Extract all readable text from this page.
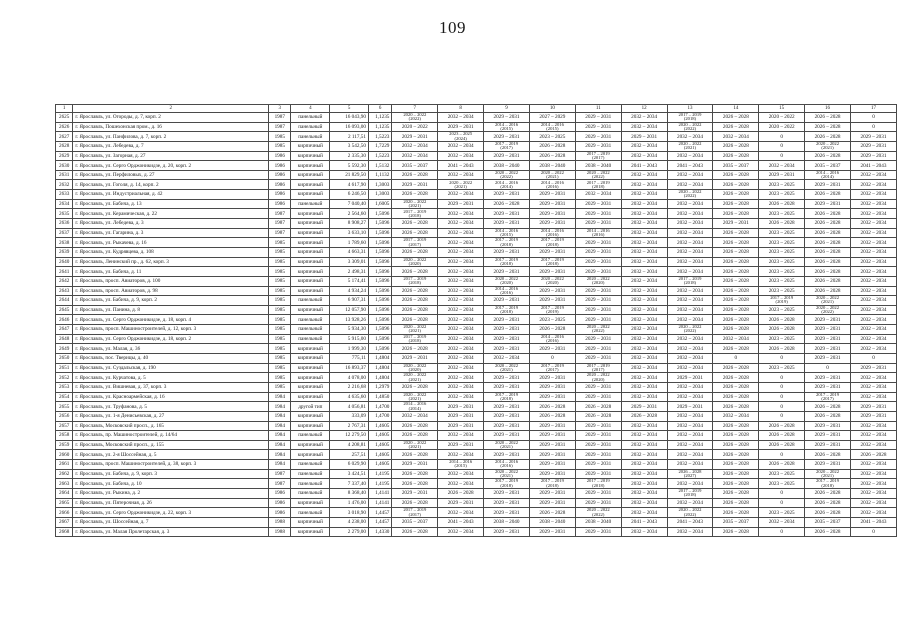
109
1	2	3	4	5	6	7	8	9	10	11	12	13	14	15	16	17
2625	г. Ярославль, ул. Огороды, д. 7, корп. 2	1987	панельный	16 043,90	1,1235	2020 – 2022
(2022)	2032 – 2034	2029 – 2031	2027 – 2029	2029 – 2031	2032 – 2034	2017 – 2019
(2018)	2026 – 2028	2020 – 2022	2026 – 2028	0
2626	г. Ярославль, Пошехонская пром., д. 16	1987	панельный	16 093,00	1,1235	2020 – 2022	2029 – 2031	2014 – 2016
(2015)	2014 – 2016
(2015)	2029 – 2031	2032 – 2034	2020 – 2022
(2022)	2026 – 2028	2020 – 2022	2026 – 2028	0
2627	г. Ярославль, ул. Панфилова, д. 7, корп. 2	1985	панельный	2 117,51	1,5223	2029 – 2031	2023 – 2025
(2024)	2029 – 2031	2023 – 2025	2029 – 2031	2029 – 2031	2032 – 2034	2032 – 2034	0	2026 – 2028	2029 – 2031
2628	г. Ярославль, ул. Лебедева, д. 7	1985	кирпичный	3 542,50	1,7229	2032 – 2034	2032 – 2034	2017 – 2019
(2017)	2026 – 2028	2029 – 2031	2032 – 2034	2020 – 2022
(2021)	2026 – 2028	0	2020 – 2022
(2021)	2029 – 2031
2629	г. Ярославль, ул. Загорная, д. 27	1986	кирпичный	2 335,30	1,5223	2032 – 2034	2032 – 2034	2029 – 2031	2026 – 2028	2017 – 2019
(2017)	2032 – 2034	2032 – 2034	2026 – 2028	0	2026 – 2028	2029 – 2031
2630	г. Ярославль, ул. Серго Орджоникидзе, д. 20, корп. 2	1986	кирпичный	5 592,30	1,5132	2035 – 2037	2041 – 2043	2038 – 2040	2038 – 2040	2038 – 2040	2041 – 2043	2041 – 2043	2035 – 2037	2032 – 2034	2035 – 2037	2041 – 2043
2631	г. Ярославль, ул. Перфиловых, д. 27	1986	кирпичный	21 829,50	1,1132	2026 – 2028	2032 – 2034	2020 – 2022
(2022)	2020 – 2022
(2021)	2020 – 2022
(2022)	2032 – 2034	2032 – 2034	2026 – 2028	2029 – 2031	2014 – 2016
(2014)	2032 – 2034
2632	г. Ярославль, ул. Гоголя, д. 14, корп. 2	1986	кирпичный	4 617,90	1,3003	2029 – 2031	2020 – 2022
(2021)	2014 – 2016
(2014)	2014 – 2016
(2016)	2017 – 2019
(2018)	2032 – 2034	2032 – 2034	2026 – 2028	2023 – 2025	2029 – 2031	2032 – 2034
2633	г. Ярославль, ул. Индустриальная, д. 42	1986	кирпичный	6 246,50	1,3003	2026 – 2028	2032 – 2034	2029 – 2031	2029 – 2031	2032 – 2034	2032 – 2034	2020 – 2022
(2022)	2026 – 2028	2023 – 2025	2026 – 2028	2032 – 2034
2634	г. Ярославль, ул. Бабича, д. 13	1986	панельный	7 040,40	1,6005	2020 – 2022
(2021)	2029 – 2031	2026 – 2028	2029 – 2031	2029 – 2031	2032 – 2034	2032 – 2034	2026 – 2028	2026 – 2028	2029 – 2031	2032 – 2034
2635	г. Ярославль, ул. Керамическая, д. 22	1987	кирпичный	2 564,60	1,5096	2017 – 2019
(2018)	2032 – 2034	2029 – 2031	2029 – 2031	2029 – 2031	2032 – 2034	2032 – 2034	2026 – 2028	2023 – 2025	2026 – 2028	2032 – 2034
2636	г. Ярославль, ул. Лебедева, д. 3	1987	кирпичный	8 908,27	1,5096	2026 – 2028	2032 – 2034	2029 – 2031	2029 – 2031	2029 – 2031	2032 – 2034	2032 – 2034	2029 – 2031	2026 – 2028	2026 – 2028	2032 – 2034
2637	г. Ярославль, ул. Гагарина, д. 3	1987	кирпичный	3 633,10	1,5096	2026 – 2028	2032 – 2034	2014 – 2016
(2015)	2014 – 2016
(2016)	2014 – 2016
(2016)	2032 – 2034	2032 – 2034	2026 – 2028	2023 – 2025	2026 – 2028	2032 – 2034
2638	г. Ярославль, ул. Рыкачева, д. 16	1985	кирпичный	1 789,60	1,5096	2017 – 2019
(2017)	2032 – 2034	2017 – 2019
(2018)	2017 – 2019
(2018)	2029 – 2031	2032 – 2034	2032 – 2034	2026 – 2028	2023 – 2025	2026 – 2028	2032 – 2034
2639	г. Ярославль, ул. Кудрявцева, д. 108	1985	кирпичный	4 663,31	1,5096	2026 – 2028	2032 – 2034	2029 – 2031	2029 – 2031	2029 – 2031	2032 – 2034	2032 – 2034	2026 – 2028	2023 – 2025	2026 – 2028	2032 – 2034
2640	г. Ярославль, Ленинский пр., д. 62, корп. 3	1985	кирпичный	3 309,01	1,5096	2020 – 2022
(2020)	2032 – 2034	2017 – 2019
(2018)	2017 – 2019
(2018)	2029 – 2031	2032 – 2034	2032 – 2034	2026 – 2028	2023 – 2025	2026 – 2028	2032 – 2034
2641	г. Ярославль, ул. Бабича, д. 11	1985	кирпичный	2 498,31	1,5096	2026 – 2028	2032 – 2034	2029 – 2031	2029 – 2031	2029 – 2031	2032 – 2034	2032 – 2034	2026 – 2028	2023 – 2025	2026 – 2028	2032 – 2034
2642	г. Ярославль, просп. Авиаторов, д. 100	1985	кирпичный	5 174,41	1,5096	2017 – 2019
(2018)	2032 – 2034	2020 – 2022
(2020)	2020 – 2022
(2020)	2020 – 2022
(2020)	2032 – 2034	2017 – 2019
(2018)	2026 – 2028	2023 – 2025	2026 – 2028	2032 – 2034
2643	г. Ярославль, просп. Авиаторов, д. 98	1985	кирпичный	4 934,24	1,5096	2026 – 2028	2032 – 2034	2014 – 2016
(2016)	2029 – 2031	2029 – 2031	2032 – 2034	2032 – 2034	2026 – 2028	2023 – 2025	2026 – 2028	2032 – 2034
2644	г. Ярославль, ул. Бабича, д. 9, корп. 2	1985	панельный	6 907,31	1,5096	2026 – 2028	2032 – 2034	2029 – 2031	2029 – 2031	2029 – 2031	2032 – 2034	2032 – 2034	2026 – 2028	2017 – 2019
(2019)	2020 – 2022
(2021)	2032 – 2034
2645	г. Ярославль, ул. Панина, д. 8	1985	кирпичный	12 057,90	1,5096	2026 – 2028	2032 – 2034	2017 – 2019
(2018)	2017 – 2019
(2019)	2029 – 2031	2032 – 2034	2032 – 2034	2026 – 2028	2023 – 2025	2020 – 2022
(2022)	2032 – 2034
2646	г. Ярославль, ул. Серго Орджоникидзе, д. 18, корп. 4	1985	панельный	13 928,26	1,5096	2026 – 2028	2032 – 2034	2029 – 2031	2023 – 2025	2029 – 2031	2032 – 2034	2032 – 2034	2026 – 2028	2026 – 2028	2029 – 2031	2032 – 2034
2647	г. Ярославль, просп. Машиностроителей, д. 12, корп. 3	1985	панельный	5 934,30	1,5096	2020 – 2022
(2021)	2032 – 2034	2029 – 2031	2026 – 2028	2020 – 2022
(2022)	2032 – 2034	2020 – 2022
(2022)	2026 – 2028	2026 – 2028	2029 – 2031	2032 – 2034
2648	г. Ярославль, ул. Серго Орджоникидзе, д. 18, корп. 2	1985	панельный	5 915,00	1,5096	2017 – 2019
(2018)	2032 – 2034	2029 – 2031	2014 – 2016
(2016)	2029 – 2031	2032 – 2034	2032 – 2034	2032 – 2034	2023 – 2025	2029 – 2031	2032 – 2034
2649	г. Ярославль, ул. Малая, д. 36	1985	кирпичный	1 999,30	1,5096	2026 – 2028	2032 – 2034	2029 – 2031	2029 – 2031	2029 – 2031	2032 – 2034	2032 – 2034	2026 – 2028	2026 – 2028	2029 – 2031	2032 – 2034
2650	г. Ярославль, пос. Тверицы, д. 40	1985	кирпичный	775,11	1,4804	2029 – 2031	2032 – 2034	2032 – 2034	0	2029 – 2031	2032 – 2034	2032 – 2034	0	0	2029 – 2031	0
2651	г. Ярославль, ул. Суздальская, д. 190	1985	кирпичный	16 893,37	1,4804	2020 – 2022
(2020)	2032 – 2034	2020 – 2022
(2021)	2017 – 2019
(2017)	2017 – 2019
(2017)	2032 – 2034	2032 – 2034	2026 – 2028	2023 – 2025	0	2029 – 2031
2652	г. Ярославль, ул. Курчатова, д. 5	1985	кирпичный	4 078,00	1,4804	2020 – 2022
(2021)	2032 – 2034	2029 – 2031	2029 – 2031	2020 – 2022
(2020)	2032 – 2034	2029 – 2031	2026 – 2028	0	2029 – 2031	2032 – 2034
2653	г. Ярославль, ул. Вишневая, д. 37, корп. 3	1985	кирпичный	2 216,68	1,2979	2026 – 2028	2032 – 2034	2029 – 2031	2029 – 2031	2029 – 2031	2032 – 2034	2032 – 2034	2026 – 2028	0	2029 – 2031	2032 – 2034
2654	г. Ярославль, ул. Красноармейская, д. 16	1984	кирпичный	4 635,60	1,4850	2020 – 2022
(2021)	2032 – 2034	2017 – 2019
(2018)	2029 – 2031	2029 – 2031	2032 – 2034	2032 – 2034	2026 – 2028	0	2017 – 2019
(2017)	2032 – 2034
2655	г. Ярославль, ул. Труфанова, д. 5	1984	другой тип	4 056,81	1,4700	2014 – 2016
(2014)	2029 – 2031	2029 – 2031	2026 – 2028	2026 – 2028	2029 – 2031	2029 – 2031	2026 – 2028	0	2026 – 2028	2029 – 2031
2656	г. Ярославль, ул. 1-я Денисьевская, д. 27	1984	кирпичный	333,09	1,4700	2032 – 2034	2029 – 2031	2029 – 2031	2026 – 2028	2026 – 2028	2026 – 2028	2032 – 2034	2032 – 2034	0	2026 – 2028	2029 – 2031
2657	г. Ярославль, Московский просп., д. 165	1984	кирпичный	2 767,31	1,4605	2026 – 2028	2029 – 2031	2029 – 2031	2029 – 2031	2029 – 2031	2032 – 2034	2032 – 2034	2026 – 2028	2026 – 2028	2029 – 2031	2032 – 2034
2658	г. Ярославль, пр. Машиностроителей, д. 14/64	1984	панельный	12 279,50	1,4605	2026 – 2028	2032 – 2034	2029 – 2031	2029 – 2031	2029 – 2031	2032 – 2034	2032 – 2034	2026 – 2028	2026 – 2028	2029 – 2031	2032 – 2034
2659	г. Ярославль, Московский просп., д. 155	1984	кирпичный	4 208,81	1,4605	2020 – 2022
(2021)	2029 – 2031	2020 – 2022
(2021)	2029 – 2031	2029 – 2031	2032 – 2034	2032 – 2034	2026 – 2028	2026 – 2028	2029 – 2031	2032 – 2034
2660	г. Ярославль, ул. 2-я Шоссейная, д. 5	1984	кирпичный	257,51	1,4605	2026 – 2028	2032 – 2034	2029 – 2031	2029 – 2031	2029 – 2031	2032 – 2034	2032 – 2034	2026 – 2028	0	2026 – 2028	2026 – 2028
2661	г. Ярославль, просп. Машиностроителей, д. 38, корп. 3	1984	панельный	6 029,90	1,4605	2029 – 2031	2014 – 2016
(2015)	2014 – 2016
(2016)	2029 – 2031	2029 – 2031	2032 – 2034	2032 – 2034	2026 – 2028	2026 – 2028	2029 – 2031	2032 – 2034
2662	г. Ярославль, ул. Бабича, д. 9, корп. 3	1987	панельный	3 424,51	1,4195	2026 – 2028	2032 – 2034	2020 – 2022
(2021)	2029 – 2031	2029 – 2031	2032 – 2034	2026 – 2028
(2027)	2026 – 2028	2023 – 2025	2020 – 2022
(2021)	2032 – 2034
2663	г. Ярославль, ул. Бабича, д. 10	1987	панельный	7 337,40	1,4195	2026 – 2028	2032 – 2034	2017 – 2019
(2018)	2017 – 2019
(2018)	2017 – 2019
(2018)	2032 – 2034	2032 – 2034	2026 – 2028	2023 – 2025	2017 – 2019
(2018)	2032 – 2034
2664	г. Ярославль, ул. Рыкина, д. 2	1986	панельный	8 368,40	1,4141	2029 – 2031	2026 – 2028	2029 – 2031	2029 – 2031	2029 – 2031	2032 – 2034	2017 – 2019
(2018)	2026 – 2028	0	2026 – 2028	2032 – 2034
2665	г. Ярославль, ул. Пятерочная, д. 26	1986	кирпичный	1 476,00	1,4141	2026 – 2028	2029 – 2031	2029 – 2031	2029 – 2031	2029 – 2031	2032 – 2034	2032 – 2034	2026 – 2028	0	2026 – 2028	2032 – 2034
2666	г. Ярославль, ул. Серго Орджоникидзе, д. 22, корп. 3	1986	панельный	3 018,90	1,4457	2017 – 2019
(2017)	2032 – 2034	2029 – 2031	2026 – 2028	2020 – 2022
(2022)	2032 – 2034	2020 – 2022
(2022)	2026 – 2028	2023 – 2025	2026 – 2028	2032 – 2034
2667	г. Ярославль, ул. Шоссейная, д. 7	1988	кирпичный	4 238,00	1,4457	2035 – 2037	2041 – 2043	2038 – 2040	2038 – 2040	2038 – 2040	2041 – 2043	2041 – 2043	2035 – 2037	2032 – 2034	2035 – 2037	2041 – 2043
2668	г. Ярославль, ул. Малая Пролетарская, д. 3	1988	кирпичный	2 279,00	1,4330	2026 – 2028	2032 – 2034	2029 – 2031	2029 – 2031	2029 – 2031	2032 – 2034	2032 – 2034	2026 – 2028	0	2026 – 2028	0
